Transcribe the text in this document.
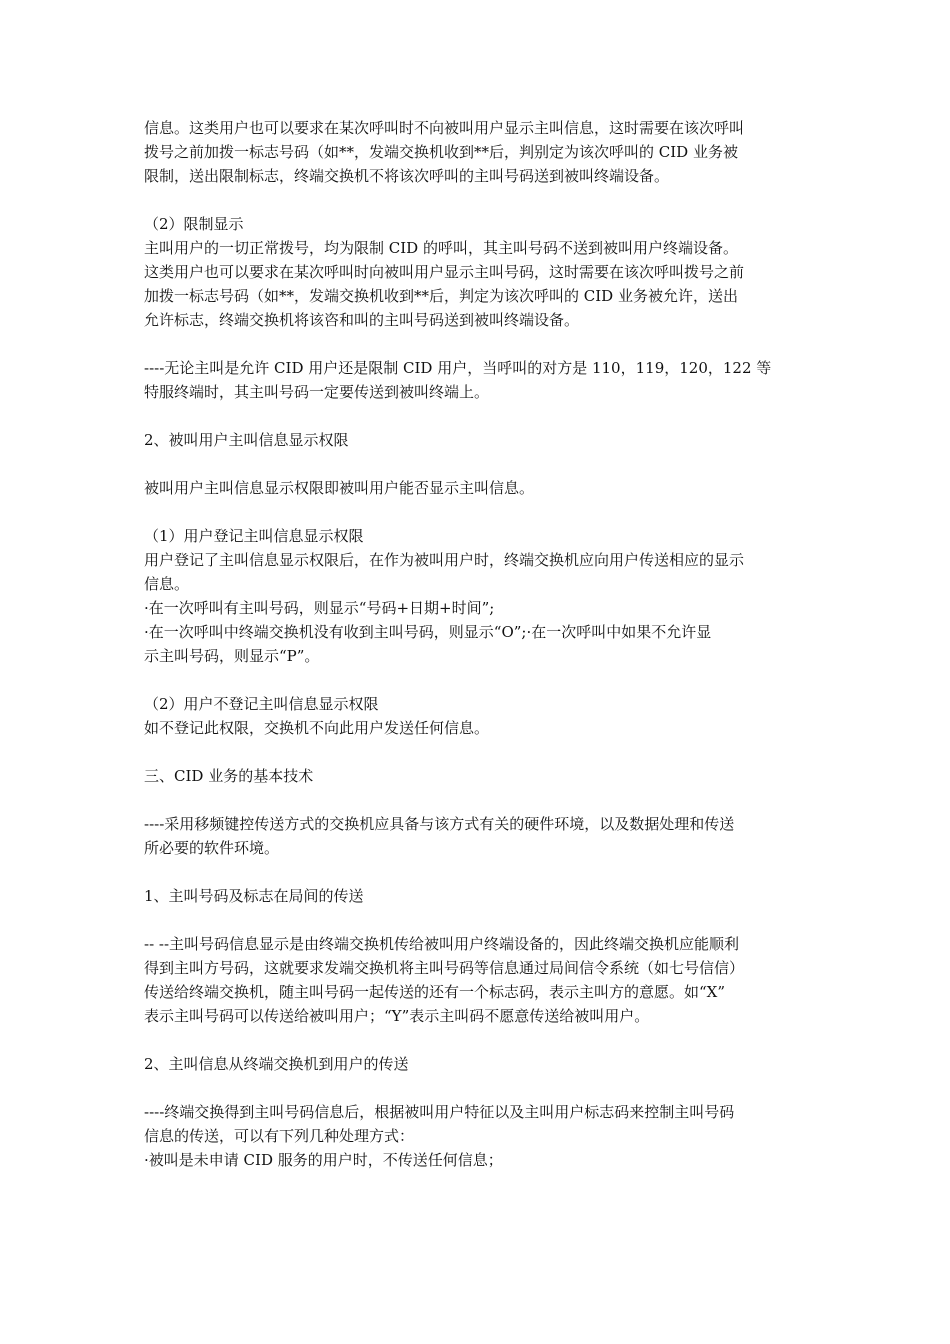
信息。这类用户也可以要求在某次呼叫时不向被叫用户显示主叫信息，这时需要在该次呼叫
拨号之前加拨一标志号码（如**，发端交换机收到**后，判别定为该次呼叫的 CID 业务被
限制，送出限制标志，终端交换机不将该次呼叫的主叫号码送到被叫终端设备。
（2）限制显示
主叫用户的一切正常拨号，均为限制 CID 的呼叫，其主叫号码不送到被叫用户终端设备。
这类用户也可以要求在某次呼叫时向被叫用户显示主叫号码，这时需要在该次呼叫拨号之前
加拨一标志号码（如**，发端交换机收到**后，判定为该次呼叫的 CID 业务被允许，送出
允许标志，终端交换机将该咨和叫的主叫号码送到被叫终端设备。
----无论主叫是允许 CID 用户还是限制 CID 用户，当呼叫的对方是 110，119，120，122 等
特服终端时，其主叫号码一定要传送到被叫终端上。
2、被叫用户主叫信息显示权限
被叫用户主叫信息显示权限即被叫用户能否显示主叫信息。
（1）用户登记主叫信息显示权限
用户登记了主叫信息显示权限后，在作为被叫用户时，终端交换机应向用户传送相应的显示
信息。
·在一次呼叫有主叫号码，则显示“号码+日期+时间”;
·在一次呼叫中终端交换机没有收到主叫号码，则显示“O”;·在一次呼叫中如果不允许显
示主叫号码，则显示“P”。
（2）用户不登记主叫信息显示权限
如不登记此权限，交换机不向此用户发送任何信息。
三、CID 业务的基本技术
----采用移频键控传送方式的交换机应具备与该方式有关的硬件环境，以及数据处理和传送
所必要的软件环境。
1、主叫号码及标志在局间的传送
-- --主叫号码信息显示是由终端交换机传给被叫用户终端设备的，因此终端交换机应能顺利
得到主叫方号码，这就要求发端交换机将主叫号码等信息通过局间信令系统（如七号信信）
传送给终端交换机，随主叫号码一起传送的还有一个标志码，表示主叫方的意愿。如“X”
表示主叫号码可以传送给被叫用户；“Y”表示主叫码不愿意传送给被叫用户。
2、主叫信息从终端交换机到用户的传送
----终端交换得到主叫号码信息后，根据被叫用户特征以及主叫用户标志码来控制主叫号码
信息的传送，可以有下列几种处理方式：
·被叫是未申请 CID 服务的用户时，不传送任何信息；
